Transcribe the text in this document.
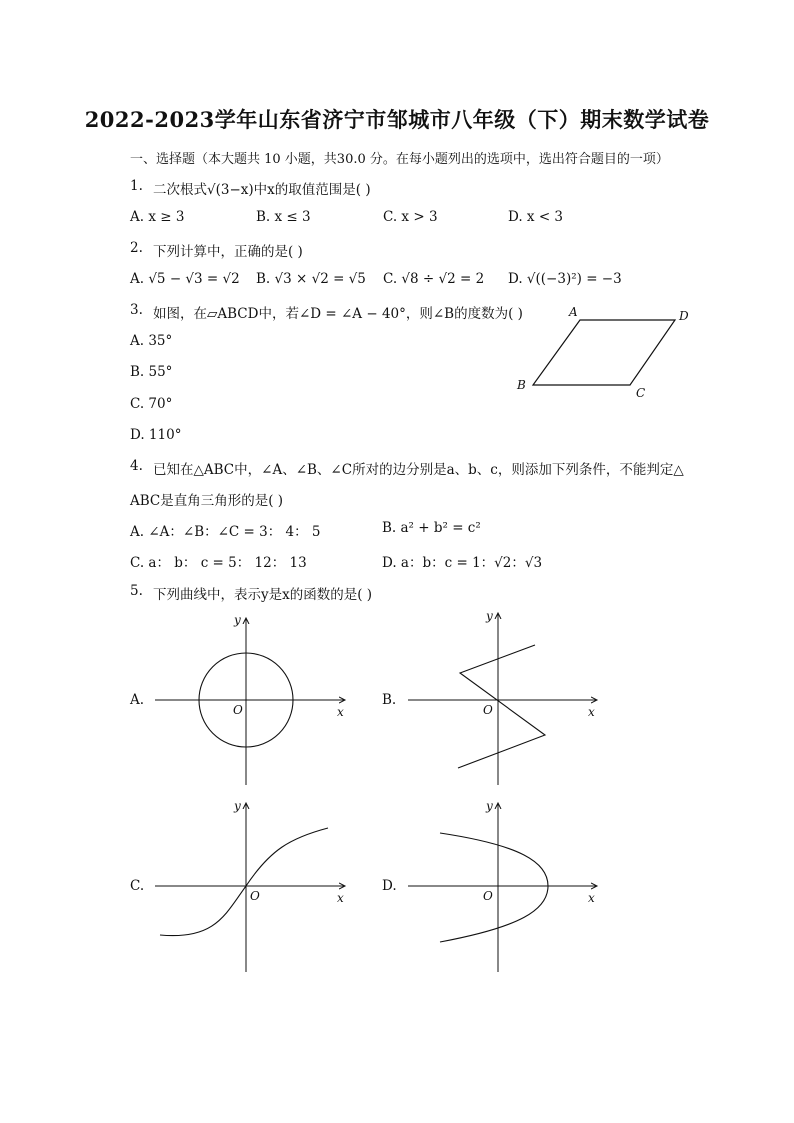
2022-2023学年山东省济宁市邹城市八年级（下）期末数学试卷
一、选择题（本大题共 10 小题，共30.0 分。在每小题列出的选项中，选出符合题目的一项）
1. 二次根式√(3−x)中x的取值范围是( )
A. x ≥ 3	B. x ≤ 3	C. x > 3	D. x < 3
2. 下列计算中，正确的是( )
A. √5 − √3 = √2 B. √3 × √2 = √5 C. √8 ÷ √2 = 2 D. √((−3)²) = −3
3. 如图，在▱ABCD中，若∠D = ∠A − 40°，则∠B的度数为( )
A. 35°
B. 55°
C. 70°
D. 110°
A	D
B
C
4. 已知在△ABC中，∠A、∠B、∠C所对的边分别是a、b、c，则添加下列条件，不能判定△
ABC是直角三角形的是( )
A. ∠A：∠B：∠C = 3： 4： 5	B. a² + b² = c²
C. a： b： c = 5： 12： 13	D. a：b：c = 1：√2：√3
5. 下列曲线中，表示y是x的函数的是( )
A.	B.
C.	D.
O	x
y
O	x
y
O	x
y
O	x
y
